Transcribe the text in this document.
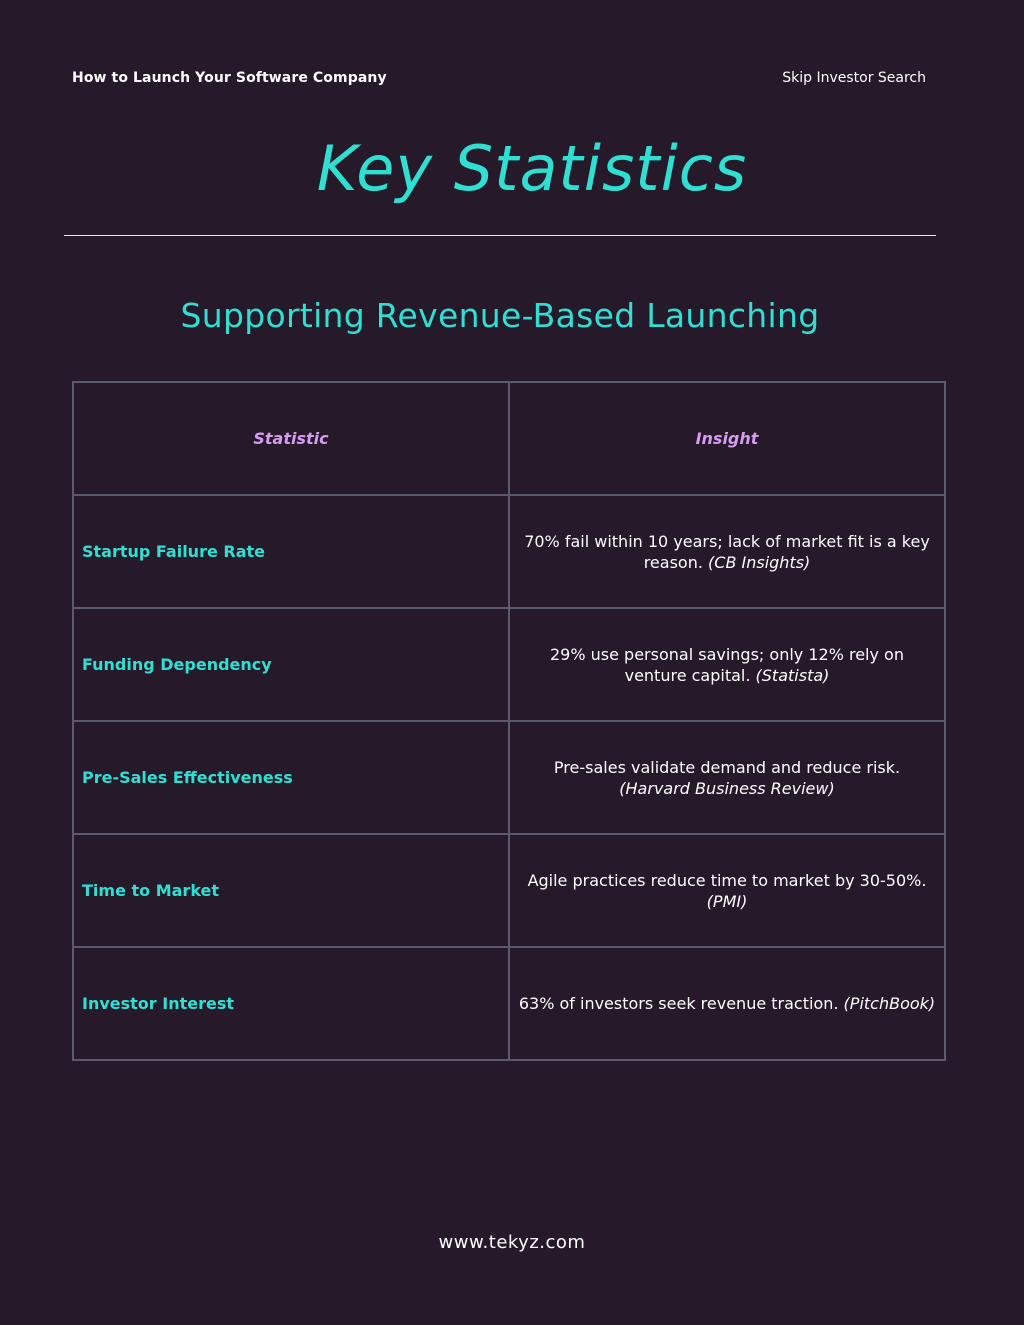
How to Launch Your Software Company	Skip Investor Search
Key Statistics
Supporting Revenue-Based Launching
Statistic	Insight
Startup Failure Rate	70% fail within 10 years; lack of market fit is a key reason. (CB Insights)
Funding Dependency	29% use personal savings; only 12% rely on venture capital. (Statista)
Pre-Sales Effectiveness	Pre-sales validate demand and reduce risk. (Harvard Business Review)
Time to Market	Agile practices reduce time to market by 30-50%. (PMI)
Investor Interest	63% of investors seek revenue traction. (PitchBook)
www.tekyz.com
